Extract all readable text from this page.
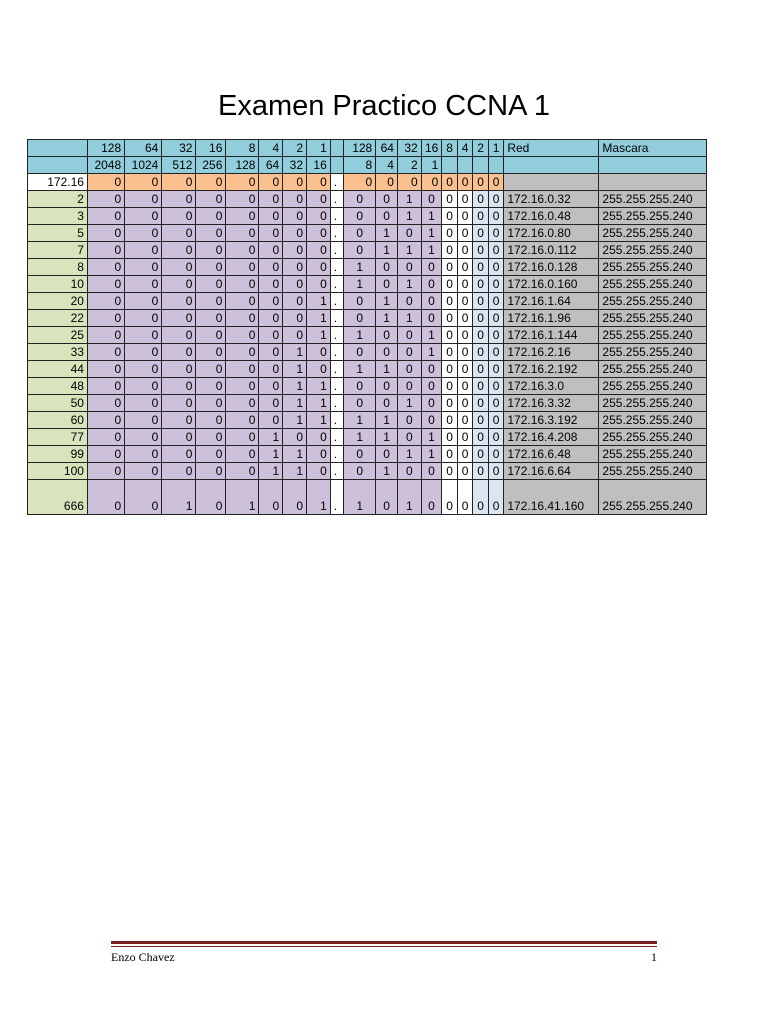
Examen Practico CCNA 1
	128	64	32	16	8	4	2	1		128	64	32	16	8	4	2	1	Red	Mascara
	2048	1024	512	256	128	64	32	16		8	4	2	1						
172.16	0	0	0	0	0	0	0	0	.	0	0	0	0	0	0	0	0		
2	0	0	0	0	0	0	0	0	.	0	0	1	0	0	0	0	0	172.16.0.32	255.255.255.240
3	0	0	0	0	0	0	0	0	.	0	0	1	1	0	0	0	0	172.16.0.48	255.255.255.240
5	0	0	0	0	0	0	0	0	.	0	1	0	1	0	0	0	0	172.16.0.80	255.255.255.240
7	0	0	0	0	0	0	0	0	.	0	1	1	1	0	0	0	0	172.16.0.112	255.255.255.240
8	0	0	0	0	0	0	0	0	.	1	0	0	0	0	0	0	0	172.16.0.128	255.255.255.240
10	0	0	0	0	0	0	0	0	.	1	0	1	0	0	0	0	0	172.16.0.160	255.255.255.240
20	0	0	0	0	0	0	0	1	.	0	1	0	0	0	0	0	0	172.16.1.64	255.255.255.240
22	0	0	0	0	0	0	0	1	.	0	1	1	0	0	0	0	0	172.16.1.96	255.255.255.240
25	0	0	0	0	0	0	0	1	.	1	0	0	1	0	0	0	0	172.16.1.144	255.255.255.240
33	0	0	0	0	0	0	1	0	.	0	0	0	1	0	0	0	0	172.16.2.16	255.255.255.240
44	0	0	0	0	0	0	1	0	.	1	1	0	0	0	0	0	0	172.16.2.192	255.255.255.240
48	0	0	0	0	0	0	1	1	.	0	0	0	0	0	0	0	0	172.16.3.0	255.255.255.240
50	0	0	0	0	0	0	1	1	.	0	0	1	0	0	0	0	0	172.16.3.32	255.255.255.240
60	0	0	0	0	0	0	1	1	.	1	1	0	0	0	0	0	0	172.16.3.192	255.255.255.240
77	0	0	0	0	0	1	0	0	.	1	1	0	1	0	0	0	0	172.16.4.208	255.255.255.240
99	0	0	0	0	0	1	1	0	.	0	0	1	1	0	0	0	0	172.16.6.48	255.255.255.240
100	0	0	0	0	0	1	1	0	.	0	1	0	0	0	0	0	0	172.16.6.64	255.255.255.240
666	0	0	1	0	1	0	0	1	.	1	0	1	0	0	0	0	0	172.16.41.160	255.255.255.240
Enzo Chavez	1
